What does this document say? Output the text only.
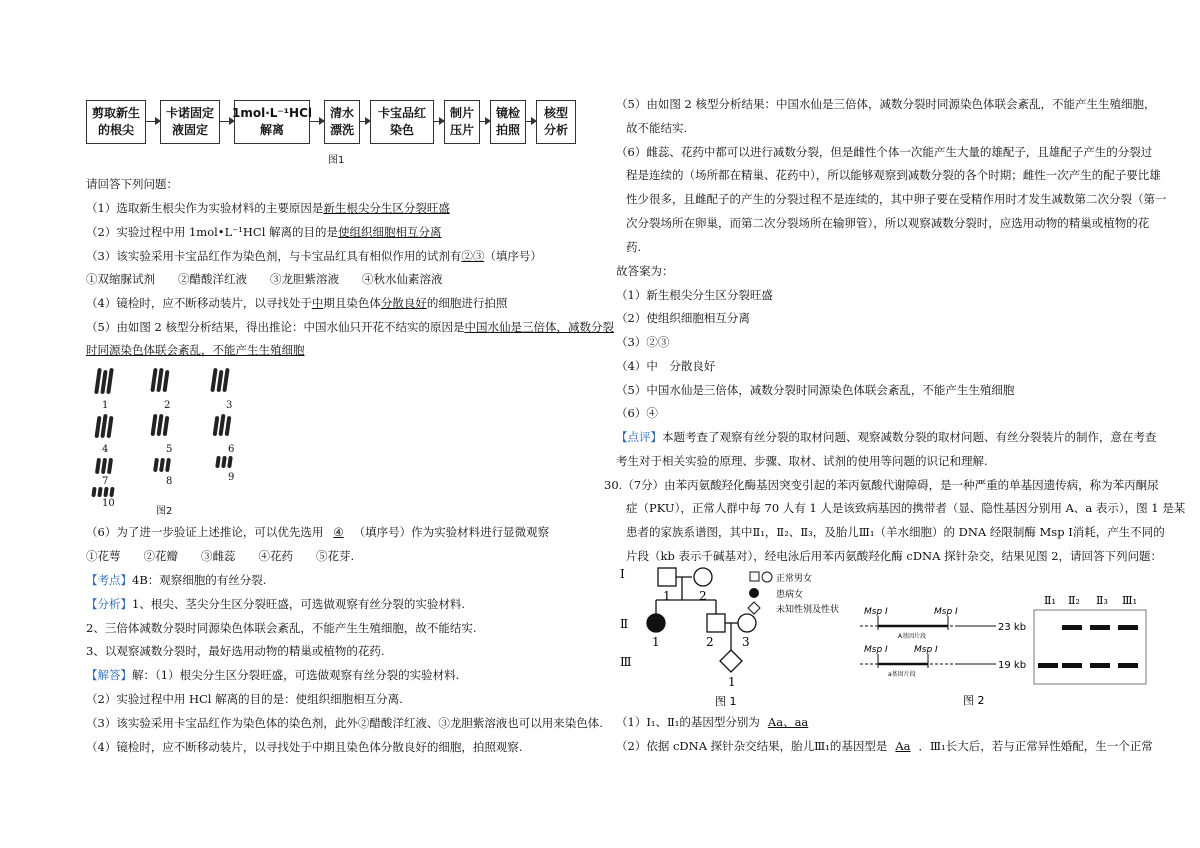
剪取新生
的根尖
卡诺固定
液固定
1mol·L⁻¹HCl
解离
清水
漂洗
卡宝品红
染色
制片
压片
镜检
拍照
核型
分析
图1
请回答下列问题：
（1）选取新生根尖作为实验材料的主要原因是新生根尖分生区分裂旺盛
（2）实验过程中用 1mol•L⁻¹HCl 解离的目的是使组织细胞相互分离
（3）该实验采用卡宝品红作为染色剂，与卡宝品红具有相似作用的试剂有②③（填序号）
①双缩脲试剂　　②醋酸洋红液　　③龙胆紫溶液　　④秋水仙素溶液
（4）镜检时，应不断移动装片，以寻找处于中期且染色体分散良好的细胞进行拍照
（5）由如图 2 核型分析结果，得出推论：中国水仙只开花不结实的原因是中国水仙是三倍体，减数分裂
时同源染色体联会紊乱，不能产生生殖细胞
1	2	3
4	5	6
7	8	9
10
图2
（6）为了进一步验证上述推论，可以优先选用 ④ （填序号）作为实验材料进行显微观察
①花萼　　②花瓣　　③雌蕊　　④花药　　⑤花芽.
【考点】4B：观察细胞的有丝分裂.
【分析】1、根尖、茎尖分生区分裂旺盛，可选做观察有丝分裂的实验材料.
2、三倍体减数分裂时同源染色体联会紊乱，不能产生生殖细胞，故不能结实.
3、以观察减数分裂时，最好选用动物的精巢或植物的花药.
【解答】解：（1）根尖分生区分裂旺盛，可选做观察有丝分裂的实验材料.
（2）实验过程中用 HCl 解离的目的是：使组织细胞相互分离.
（3）该实验采用卡宝品红作为染色体的染色剂，此外②醋酸洋红液、③龙胆紫溶液也可以用来染色体.
（4）镜检时，应不断移动装片，以寻找处于中期且染色体分散良好的细胞，拍照观察.
（5）由如图 2 核型分析结果：中国水仙是三倍体，减数分裂时同源染色体联会紊乱，不能产生生殖细胞，
故不能结实.
（6）雌蕊、花药中都可以进行减数分裂，但是雌性个体一次能产生大量的雄配子，且雄配子产生的分裂过
程是连续的（场所都在精巢、花药中），所以能够观察到减数分裂的各个时期；雌性一次产生的配子要比雄
性少很多，且雌配子的产生的分裂过程不是连续的，其中卵子要在受精作用时才发生减数第二次分裂（第一
次分裂场所在卵巢，而第二次分裂场所在输卵管），所以观察减数分裂时，应选用动物的精巢或植物的花
药.
故答案为：
（1）新生根尖分生区分裂旺盛
（2）使组织细胞相互分离
（3）②③
（4）中　分散良好
（5）中国水仙是三倍体，减数分裂时同源染色体联会紊乱，不能产生生殖细胞
（6）④
【点评】本题考查了观察有丝分裂的取材问题、观察减数分裂的取材问题、有丝分裂装片的制作，意在考查
考生对于相关实验的原理、步骤、取材、试剂的使用等问题的识记和理解.
30.（7分）由苯丙氨酸羟化酶基因突变引起的苯丙氨酸代谢障碍，是一种严重的单基因遗传病，称为苯丙酮尿
症（PKU），正常人群中每 70 人有 1 人是该致病基因的携带者（显、隐性基因分别用 A、a 表示），图 1 是某
患者的家族系谱图，其中Ⅱ₁，Ⅱ₂、Ⅱ₃，及胎儿Ⅲ₁（羊水细胞）的 DNA 经限制酶 Msp Ⅰ消耗，产生不同的
片段（kb 表示千碱基对），经电泳后用苯丙氨酸羟化酶 cDNA 探针杂交，结果见图 2，请回答下列问题：
Ⅰ
Ⅱ
Ⅲ
1 2
1	2 3
1
正常男女
患病女
未知性别及性状
图 1
Msp Ⅰ	Msp Ⅰ
A基因片段
23 kb
Msp Ⅰ	Msp Ⅰ
a基因片段
19 kb
Ⅱ₁ Ⅱ₂ Ⅱ₃ Ⅲ₁
图 2
（1）Ⅰ₁、Ⅱ₁的基因型分别为 Aa、aa
（2）依据 cDNA 探针杂交结果，胎儿Ⅲ₁的基因型是 Aa ．Ⅲ₁长大后，若与正常异性婚配，生一个正常
